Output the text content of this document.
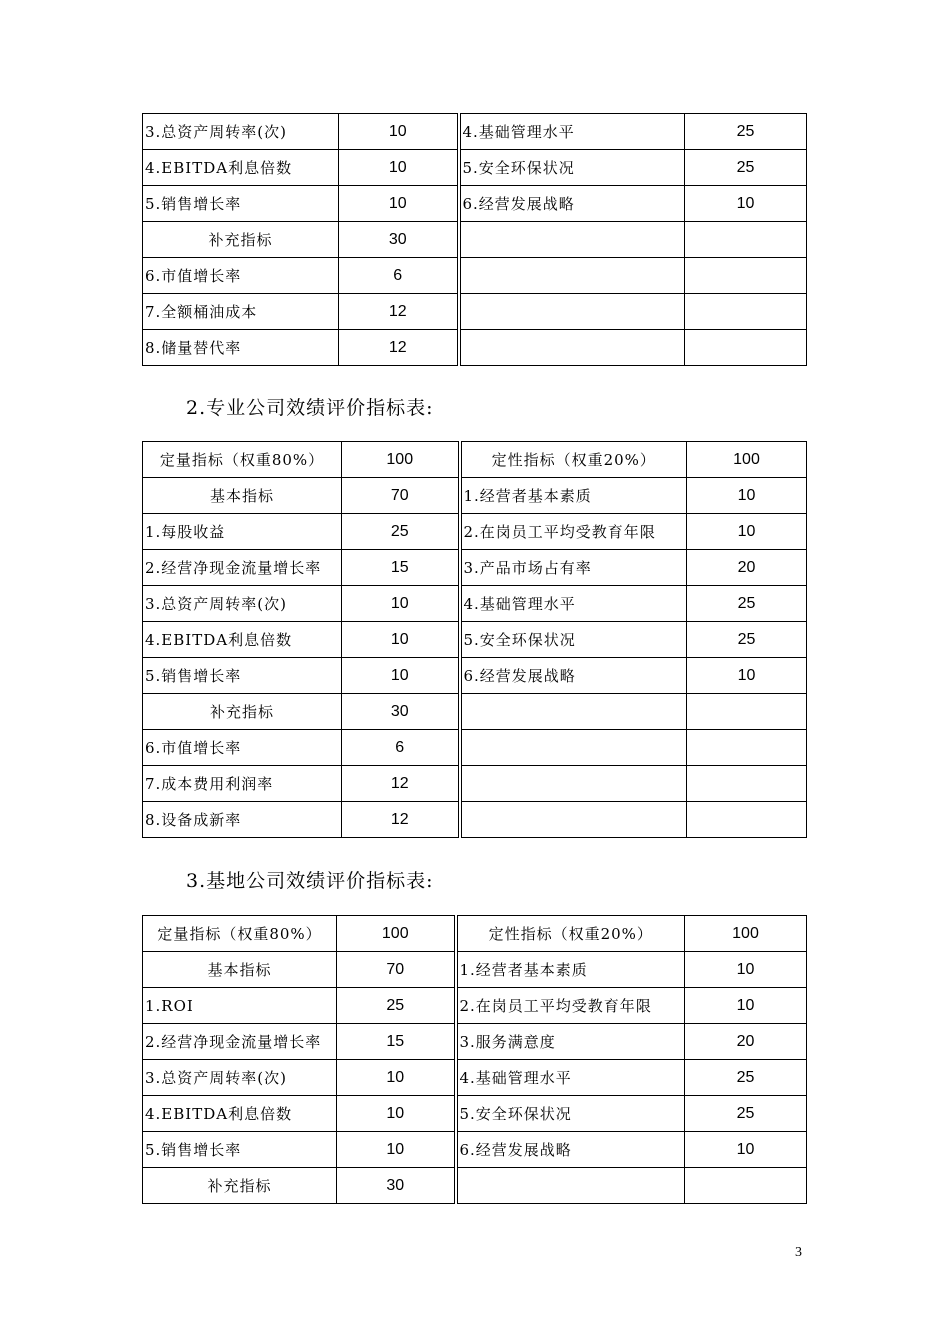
3.总资产周转率(次)	10	4.基础管理水平	25
4.EBITDA利息倍数	10	5.安全环保状况	25
5.销售增长率	10	6.经营发展战略	10
补充指标	30		
6.市值增长率	6		
7.全额桶油成本	12		
8.储量替代率	12		
2.专业公司效绩评价指标表:
定量指标（权重80%）	100	定性指标（权重20%）	100
基本指标	70	1.经营者基本素质	10
1.每股收益	25	2.在岗员工平均受教育年限	10
2.经营净现金流量增长率	15	3.产品市场占有率	20
3.总资产周转率(次)	10	4.基础管理水平	25
4.EBITDA利息倍数	10	5.安全环保状况	25
5.销售增长率	10	6.经营发展战略	10
补充指标	30		
6.市值增长率	6		
7.成本费用利润率	12		
8.设备成新率	12		
3.基地公司效绩评价指标表:
定量指标（权重80%）	100	定性指标（权重20%）	100
基本指标	70	1.经营者基本素质	10
1.ROI	25	2.在岗员工平均受教育年限	10
2.经营净现金流量增长率	15	3.服务满意度	20
3.总资产周转率(次)	10	4.基础管理水平	25
4.EBITDA利息倍数	10	5.安全环保状况	25
5.销售增长率	10	6.经营发展战略	10
补充指标	30		
3
